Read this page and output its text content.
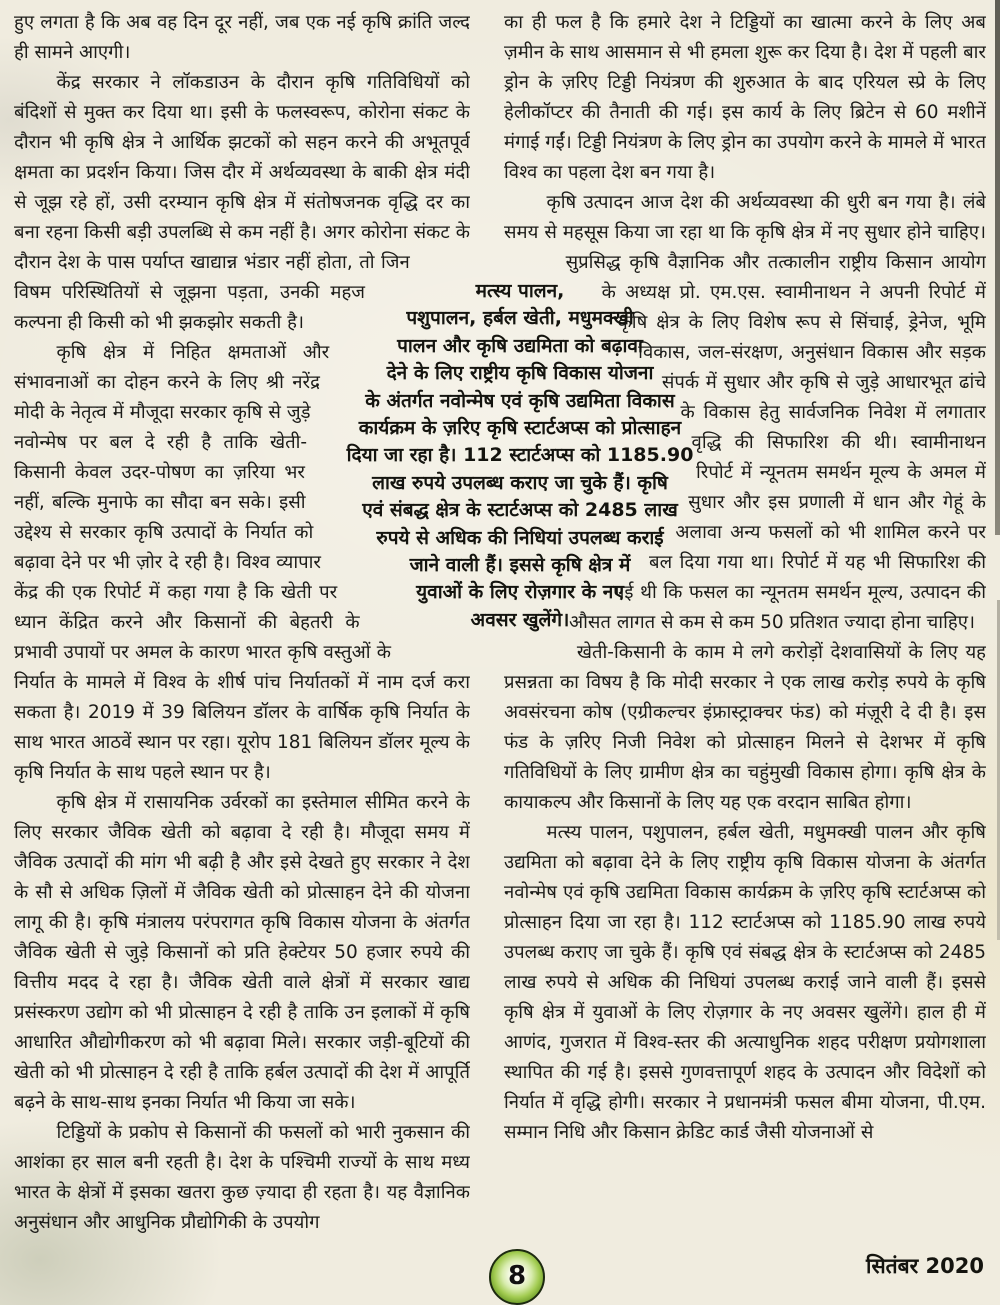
हुए लगता है कि अब वह दिन दूर नहीं, जब एक नई कृषि क्रांति जल्द ही सामने आएगी।

केंद्र सरकार ने लॉकडाउन के दौरान कृषि गतिविधियों को बंदिशों से मुक्त कर दिया था। इसी के फलस्वरूप, कोरोना संकट के दौरान भी कृषि क्षेत्र ने आर्थिक झटकों को सहन करने की अभूतपूर्व क्षमता का प्रदर्शन किया। जिस दौर में अर्थव्यवस्था के बाकी क्षेत्र मंदी से जूझ रहे हों, उसी दरम्यान कृषि क्षेत्र में संतोषजनक वृद्धि दर का बना रहना किसी बड़ी उपलब्धि से कम नहीं है। अगर कोरोना संकट के दौरान देश के पास पर्याप्त खाद्यान्न भंडार नहीं होता, तो जिन विषम परिस्थितियों से जूझना पड़ता, उनकी महज कल्पना ही किसी को भी झकझोर सकती है।

कृषि क्षेत्र में निहित क्षमताओं और संभावनाओं का दोहन करने के लिए श्री नरेंद्र मोदी के नेतृत्व में मौजूदा सरकार कृषि से जुड़े नवोन्मेष पर बल दे रही है ताकि खेती-किसानी केवल उदर-पोषण का ज़रिया भर नहीं, बल्कि मुनाफे का सौदा बन सके। इसी उद्देश्य से सरकार कृषि उत्पादों के निर्यात को बढ़ावा देने पर भी ज़ोर दे रही है। विश्व व्यापार केंद्र की एक रिपोर्ट में कहा गया है कि खेती पर ध्यान केंद्रित करने और किसानों की बेहतरी के प्रभावी उपायों पर अमल के कारण भारत कृषि वस्तुओं के निर्यात के मामले में विश्व के शीर्ष पांच निर्यातकों में नाम दर्ज करा सकता है। 2019 में 39 बिलियन डॉलर के वार्षिक कृषि निर्यात के साथ भारत आठवें स्थान पर रहा। यूरोप 181 बिलियन डॉलर मूल्य के कृषि निर्यात के साथ पहले स्थान पर है।

कृषि क्षेत्र में रासायनिक उर्वरकों का इस्तेमाल सीमित करने के लिए सरकार जैविक खेती को बढ़ावा दे रही है। मौजूदा समय में जैविक उत्पादों की मांग भी बढ़ी है और इसे देखते हुए सरकार ने देश के सौ से अधिक ज़िलों में जैविक खेती को प्रोत्साहन देने की योजना लागू की है। कृषि मंत्रालय परंपरागत कृषि विकास योजना के अंतर्गत जैविक खेती से जुड़े किसानों को प्रति हेक्टेयर 50 हजार रुपये की वित्तीय मदद दे रहा है। जैविक खेती वाले क्षेत्रों में सरकार खाद्य प्रसंस्करण उद्योग को भी प्रोत्साहन दे रही है ताकि उन इलाकों में कृषि आधारित औद्योगीकरण को भी बढ़ावा मिले। सरकार जड़ी-बूटियों की खेती को भी प्रोत्साहन दे रही है ताकि हर्बल उत्पादों की देश में आपूर्ति बढ़ने के साथ-साथ इनका निर्यात भी किया जा सके।

टिड्डियों के प्रकोप से किसानों की फसलों को भारी नुकसान की आशंका हर साल बनी रहती है। देश के पश्चिमी राज्यों के साथ मध्य भारत के क्षेत्रों में इसका खतरा कुछ ज़्यादा ही रहता है। यह वैज्ञानिक अनुसंधान और आधुनिक प्रौद्योगिकी के उपयोग

का ही फल है कि हमारे देश ने टिड्डियों का खात्मा करने के लिए अब ज़मीन के साथ आसमान से भी हमला शुरू कर दिया है। देश में पहली बार ड्रोन के ज़रिए टिड्डी नियंत्रण की शुरुआत के बाद एरियल स्प्रे के लिए हेलीकॉप्टर की तैनाती की गई। इस कार्य के लिए ब्रिटेन से 60 मशीनें मंगाई गईं। टिड्डी नियंत्रण के लिए ड्रोन का उपयोग करने के मामले में भारत विश्व का पहला देश बन गया है।

कृषि उत्पादन आज देश की अर्थव्यवस्था की धुरी बन गया है। लंबे समय से महसूस किया जा रहा था कि कृषि क्षेत्र में नए सुधार होने चाहिए। सुप्रसिद्ध कृषि वैज्ञानिक और तत्कालीन राष्ट्रीय किसान आयोग के अध्यक्ष प्रो. एम.एस. स्वामीनाथन ने अपनी रिपोर्ट में कृषि क्षेत्र के लिए विशेष रूप से सिंचाई, ड्रेनेज, भूमि विकास, जल-संरक्षण, अनुसंधान विकास और सड़क संपर्क में सुधार और कृषि से जुड़े आधारभूत ढांचे के विकास हेतु सार्वजनिक निवेश में लगातार वृद्धि की सिफारिश की थी। स्वामीनाथन रिपोर्ट में न्यूनतम समर्थन मूल्य के अमल में सुधार और इस प्रणाली में धान और गेहूं के अलावा अन्य फसलों को भी शामिल करने पर बल दिया गया था। रिपोर्ट में यह भी सिफारिश की गई थी कि फसल का न्यूनतम समर्थन मूल्य, उत्पादन की औसत लागत से कम से कम 50 प्रतिशत ज्यादा होना चाहिए।

खेती-किसानी के काम मे लगे करोड़ों देशवासियों के लिए यह प्रसन्नता का विषय है कि मोदी सरकार ने एक लाख करोड़ रुपये के कृषि अवसंरचना कोष (एग्रीकल्चर इंफ्रास्ट्राक्चर फंड) को मंज़ूरी दे दी है। इस फंड के ज़रिए निजी निवेश को प्रोत्साहन मिलने से देशभर में कृषि गतिविधियों के लिए ग्रामीण क्षेत्र का चहुंमुखी विकास होगा। कृषि क्षेत्र के कायाकल्प और किसानों के लिए यह एक वरदान साबित होगा।

मत्स्य पालन, पशुपालन, हर्बल खेती, मधुमक्खी पालन और कृषि उद्यमिता को बढ़ावा देने के लिए राष्ट्रीय कृषि विकास योजना के अंतर्गत नवोन्मेष एवं कृषि उद्यमिता विकास कार्यक्रम के ज़रिए कृषि स्टार्टअप्स को प्रोत्साहन दिया जा रहा है। 112 स्टार्टअप्स को 1185.90 लाख रुपये उपलब्ध कराए जा चुके हैं। कृषि एवं संबद्ध क्षेत्र के स्टार्टअप्स को 2485 लाख रुपये से अधिक की निधियां उपलब्ध कराई जाने वाली हैं। इससे कृषि क्षेत्र में युवाओं के लिए रोज़गार के नए अवसर खुलेंगे। हाल ही में आणंद, गुजरात में विश्व-स्तर की अत्याधुनिक शहद परीक्षण प्रयोगशाला स्थापित की गई है। इससे गुणवत्तापूर्ण शहद के उत्पादन और विदेशों को निर्यात में वृद्धि होगी। सरकार ने प्रधानमंत्री फसल बीमा योजना, पी.एम. सम्मान निधि और किसान क्रेडिट कार्ड जैसी योजनाओं से

मत्स्य पालन,
पशुपालन, हर्बल खेती, मधुमक्खी
पालन और कृषि उद्यमिता को बढ़ावा
देने के लिए राष्ट्रीय कृषि विकास योजना
के अंतर्गत नवोन्मेष एवं कृषि उद्यमिता विकास
कार्यक्रम के ज़रिए कृषि स्टार्टअप्स को प्रोत्साहन
दिया जा रहा है। 112 स्टार्टअप्स को 1185.90
लाख रुपये उपलब्ध कराए जा चुके हैं। कृषि
एवं संबद्ध क्षेत्र के स्टार्टअप्स को 2485 लाख
रुपये से अधिक की निधियां उपलब्ध कराई
जाने वाली हैं। इससे कृषि क्षेत्र में
युवाओं के लिए रोज़गार के नए
अवसर खुलेंगे।
8	सितंबर 2020
